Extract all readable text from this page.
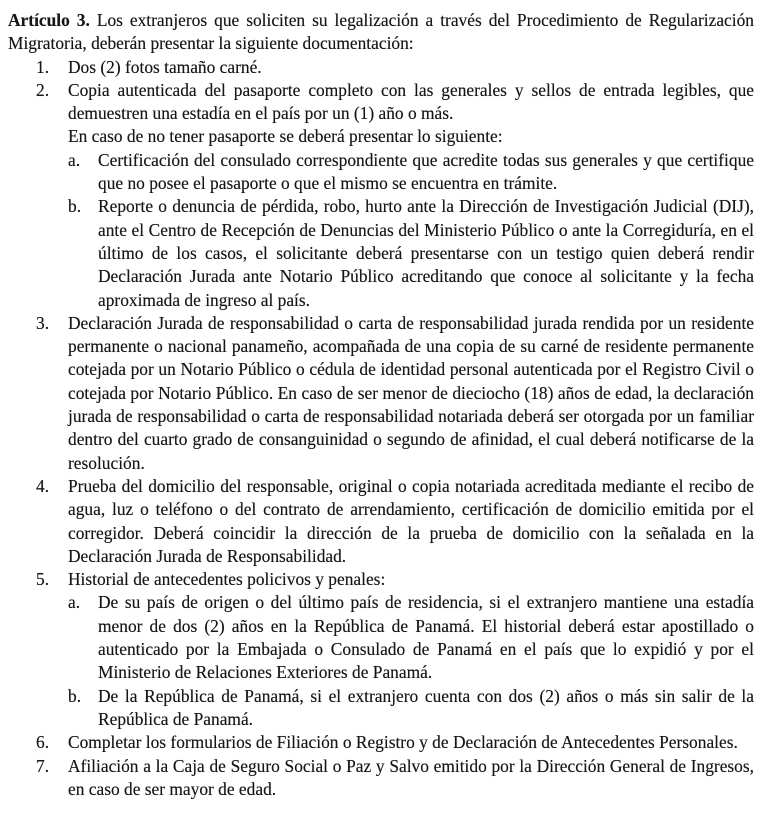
Artículo 3. Los extranjeros que soliciten su legalización a través del Procedimiento de Regularización Migratoria, deberán presentar la siguiente documentación:

1. Dos (2) fotos tamaño carné.

2. Copia autenticada del pasaporte completo con las generales y sellos de entrada legibles, que demuestren una estadía en el país por un (1) año o más.

En caso de no tener pasaporte se deberá presentar lo siguiente:

a. Certificación del consulado correspondiente que acredite todas sus generales y que certifique que no posee el pasaporte o que el mismo se encuentra en trámite.

b. Reporte o denuncia de pérdida, robo, hurto ante la Dirección de Investigación Judicial (DIJ), ante el Centro de Recepción de Denuncias del Ministerio Público o ante la Corregiduría, en el último de los casos, el solicitante deberá presentarse con un testigo quien deberá rendir Declaración Jurada ante Notario Público acreditando que conoce al solicitante y la fecha aproximada de ingreso al país.

3. Declaración Jurada de responsabilidad o carta de responsabilidad jurada rendida por un residente permanente o nacional panameño, acompañada de una copia de su carné de residente permanente cotejada por un Notario Público o cédula de identidad personal autenticada por el Registro Civil o cotejada por Notario Público. En caso de ser menor de dieciocho (18) años de edad, la declaración jurada de responsabilidad o carta de responsabilidad notariada deberá ser otorgada por un familiar dentro del cuarto grado de consanguinidad o segundo de afinidad, el cual deberá notificarse de la resolución.

4. Prueba del domicilio del responsable, original o copia notariada acreditada mediante el recibo de agua, luz o teléfono o del contrato de arrendamiento, certificación de domicilio emitida por el corregidor. Deberá coincidir la dirección de la prueba de domicilio con la señalada en la Declaración Jurada de Responsabilidad.

5. Historial de antecedentes policivos y penales:

a. De su país de origen o del último país de residencia, si el extranjero mantiene una estadía menor de dos (2) años en la República de Panamá. El historial deberá estar apostillado o autenticado por la Embajada o Consulado de Panamá en el país que lo expidió y por el Ministerio de Relaciones Exteriores de Panamá.

b. De la República de Panamá, si el extranjero cuenta con dos (2) años o más sin salir de la República de Panamá.

6. Completar los formularios de Filiación o Registro y de Declaración de Antecedentes Personales.

7. Afiliación a la Caja de Seguro Social o Paz y Salvo emitido por la Dirección General de Ingresos, en caso de ser mayor de edad.
